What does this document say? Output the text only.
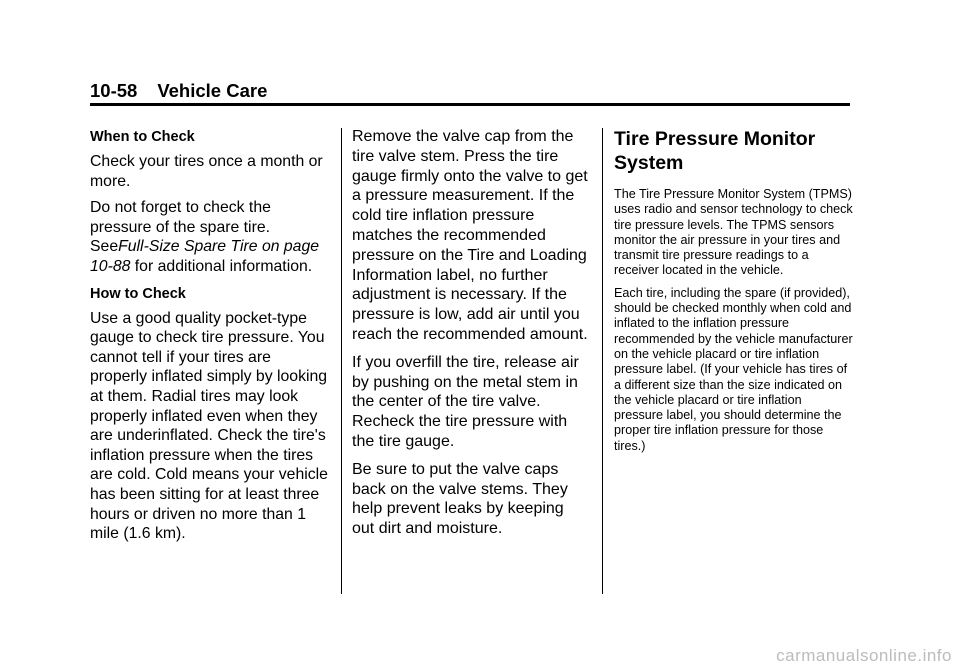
10-58 Vehicle Care
When to Check

Check your tires once a month or more.

Do not forget to check the pressure of the spare tire. SeeFull-Size Spare Tire on page 10-88 for additional information.

How to Check

Use a good quality pocket-type gauge to check tire pressure. You cannot tell if your tires are properly inflated simply by looking at them. Radial tires may look properly inflated even when they are underinflated. Check the tire's inflation pressure when the tires are cold. Cold means your vehicle has been sitting for at least three hours or driven no more than 1 mile (1.6 km).

Remove the valve cap from the tire valve stem. Press the tire gauge firmly onto the valve to get a pressure measurement. If the cold tire inflation pressure matches the recommended pressure on the Tire and Loading Information label, no further adjustment is necessary. If the pressure is low, add air until you reach the recommended amount.

If you overfill the tire, release air by pushing on the metal stem in the center of the tire valve. Recheck the tire pressure with the tire gauge.

Be sure to put the valve caps back on the valve stems. They help prevent leaks by keeping out dirt and moisture.

Tire Pressure Monitor System

The Tire Pressure Monitor System (TPMS) uses radio and sensor technology to check tire pressure levels. The TPMS sensors monitor the air pressure in your tires and transmit tire pressure readings to a receiver located in the vehicle.

Each tire, including the spare (if provided), should be checked monthly when cold and inflated to the inflation pressure recommended by the vehicle manufacturer on the vehicle placard or tire inflation pressure label. (If your vehicle has tires of a different size than the size indicated on the vehicle placard or tire inflation pressure label, you should determine the proper tire inflation pressure for those tires.)

carmanualsonline.info
